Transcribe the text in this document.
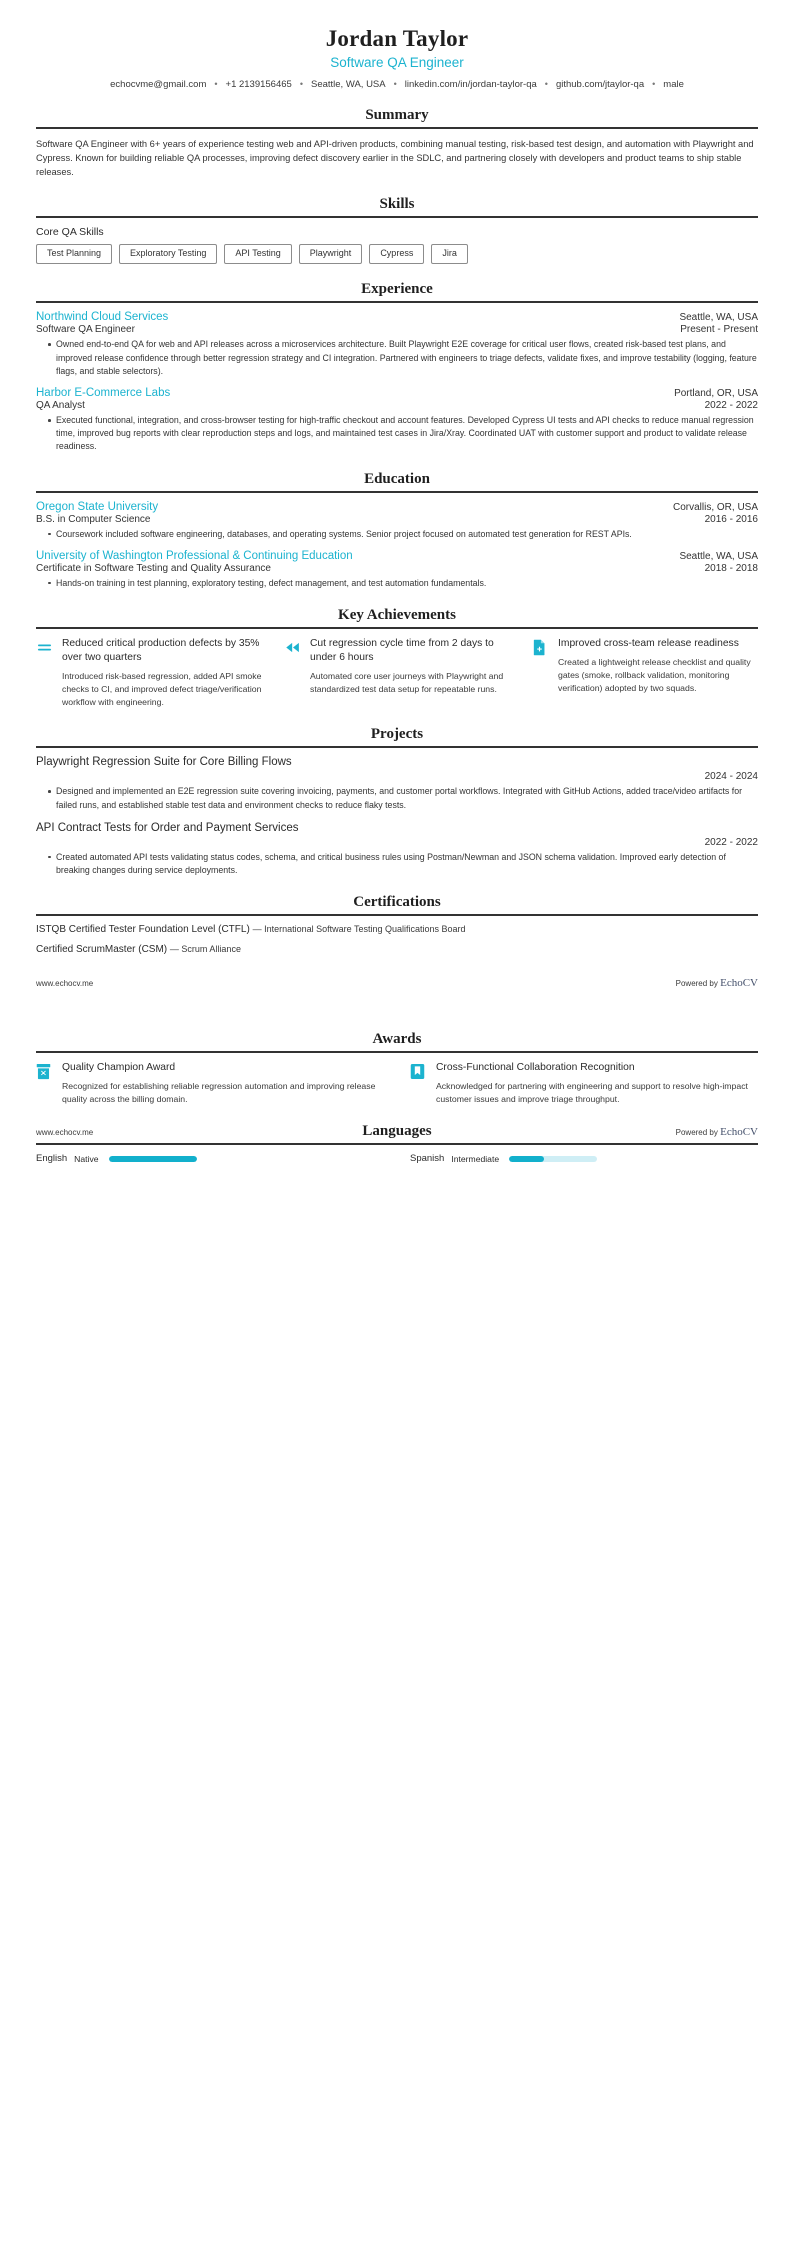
Jordan Taylor
Software QA Engineer
echocvme@gmail.com • +1 2139156465 • Seattle, WA, USA • linkedin.com/in/jordan-taylor-qa • github.com/jtaylor-qa • male
Summary
Software QA Engineer with 6+ years of experience testing web and API-driven products, combining manual testing, risk-based test design, and automation with Playwright and Cypress. Known for building reliable QA processes, improving defect discovery earlier in the SDLC, and partnering closely with developers and product teams to ship stable releases.
Skills
Core QA Skills
Test Planning	Exploratory Testing	API Testing	Playwright	Cypress	Jira
Experience
Northwind Cloud Services	Seattle, WA, USA
Software QA Engineer	Present - Present
Owned end-to-end QA for web and API releases across a microservices architecture. Built Playwright E2E coverage for critical user flows, created risk-based test plans, and improved release confidence through better regression strategy and CI integration. Partnered with engineers to triage defects, validate fixes, and improve testability (logging, feature flags, and stable selectors).
Harbor E-Commerce Labs	Portland, OR, USA
QA Analyst	2022 - 2022
Executed functional, integration, and cross-browser testing for high-traffic checkout and account features. Developed Cypress UI tests and API checks to reduce manual regression time, improved bug reports with clear reproduction steps and logs, and maintained test cases in Jira/Xray. Coordinated UAT with customer support and product to validate release readiness.
Education
Oregon State University	Corvallis, OR, USA
B.S. in Computer Science	2016 - 2016
Coursework included software engineering, databases, and operating systems. Senior project focused on automated test generation for REST APIs.
University of Washington Professional & Continuing Education	Seattle, WA, USA
Certificate in Software Testing and Quality Assurance	2018 - 2018
Hands-on training in test planning, exploratory testing, defect management, and test automation fundamentals.
Key Achievements
Reduced critical production defects by 35% over two quarters
Introduced risk-based regression, added API smoke checks to CI, and improved defect triage/verification workflow with engineering.
Cut regression cycle time from 2 days to under 6 hours
Automated core user journeys with Playwright and standardized test data setup for repeatable runs.
Improved cross-team release readiness
Created a lightweight release checklist and quality gates (smoke, rollback validation, monitoring verification) adopted by two squads.
Projects
Playwright Regression Suite for Core Billing Flows
2024 - 2024
Designed and implemented an E2E regression suite covering invoicing, payments, and customer portal workflows. Integrated with GitHub Actions, added trace/video artifacts for failed runs, and established stable test data and environment checks to reduce flaky tests.
API Contract Tests for Order and Payment Services
2022 - 2022
Created automated API tests validating status codes, schema, and critical business rules using Postman/Newman and JSON schema validation. Improved early detection of breaking changes during service deployments.
Certifications
ISTQB Certified Tester Foundation Level (CTFL) — International Software Testing Qualifications Board
Certified ScrumMaster (CSM) — Scrum Alliance
www.echocv.me	Powered by EchoCV
Awards
Quality Champion Award
Recognized for establishing reliable regression automation and improving release quality across the billing domain.
Cross-Functional Collaboration Recognition
Acknowledged for partnering with engineering and support to resolve high-impact customer issues and improve triage throughput.
Languages
English Native	Spanish Intermediate
www.echocv.me	Powered by EchoCV
